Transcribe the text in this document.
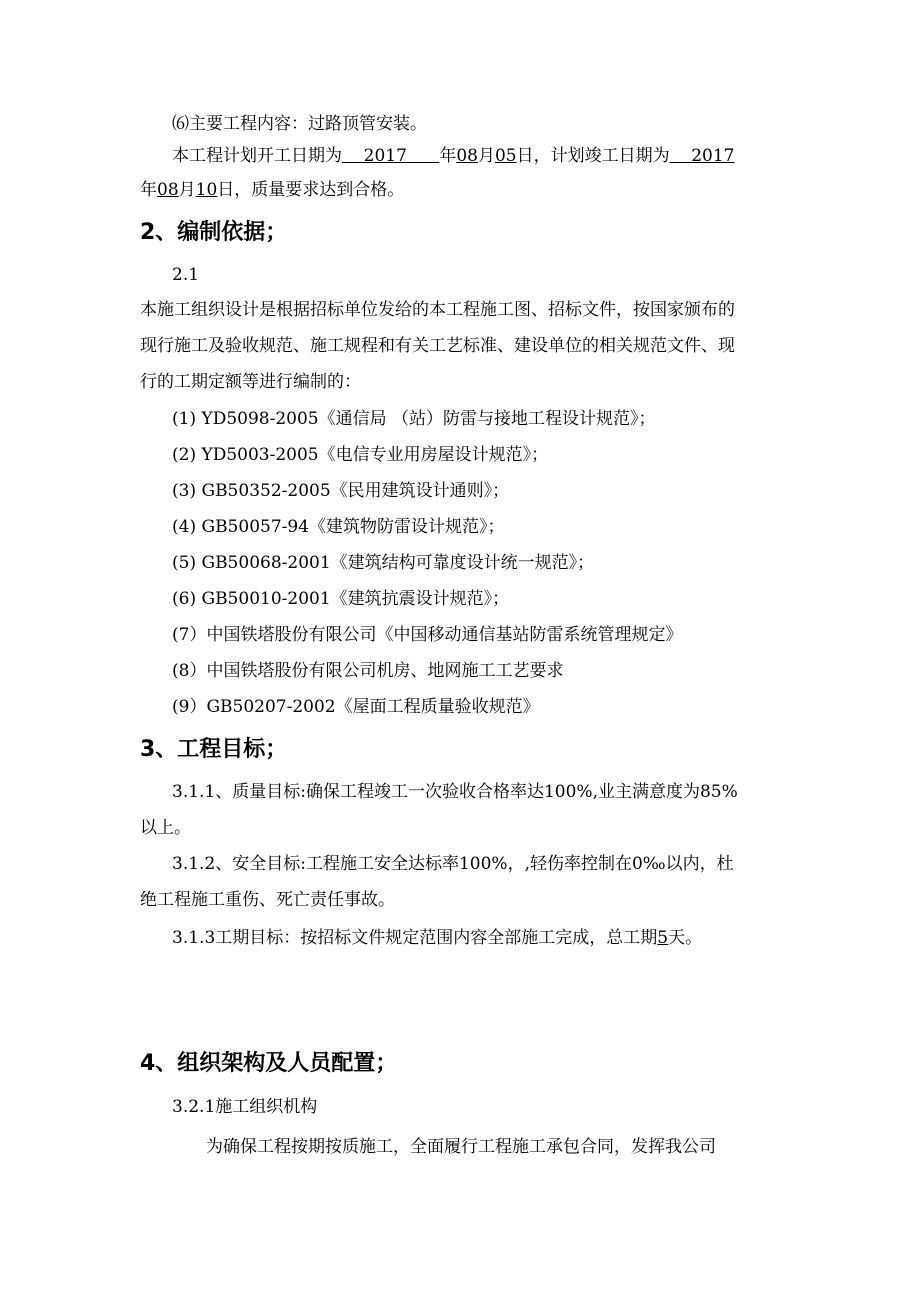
⑹主要工程内容：过路顶管安装。
本工程计划开工日期为 2017 年08月05日，计划竣工日期为 2017
年08月10日，质量要求达到合格。
2、编制依据；
2.1
本施工组织设计是根据招标单位发给的本工程施工图、招标文件，按国家颁布的
现行施工及验收规范、施工规程和有关工艺标准、建设单位的相关规范文件、现
行的工期定额等进行编制的：
(1) YD5098-2005《通信局 （站）防雷与接地工程设计规范》；
(2) YD5003-2005《电信专业用房屋设计规范》；
(3) GB50352-2005《民用建筑设计通则》；
(4) GB50057-94《建筑物防雷设计规范》；
(5) GB50068-2001《建筑结构可靠度设计统一规范》；
(6) GB50010-2001《建筑抗震设计规范》；
(7）中国铁塔股份有限公司《中国移动通信基站防雷系统管理规定》
(8）中国铁塔股份有限公司机房、地网施工工艺要求
(9）GB50207-2002《屋面工程质量验收规范》
3、工程目标；
3.1.1、质量目标:确保工程竣工一次验收合格率达100%,业主满意度为85%
以上。
3.1.2、安全目标:工程施工安全达标率100%，,轻伤率控制在0‰以内，杜
绝工程施工重伤、死亡责任事故。
3.1.3工期目标：按招标文件规定范围内容全部施工完成，总工期5天。
4、组织架构及人员配置；
3.2.1施工组织机构
为确保工程按期按质施工，全面履行工程施工承包合同，发挥我公司
